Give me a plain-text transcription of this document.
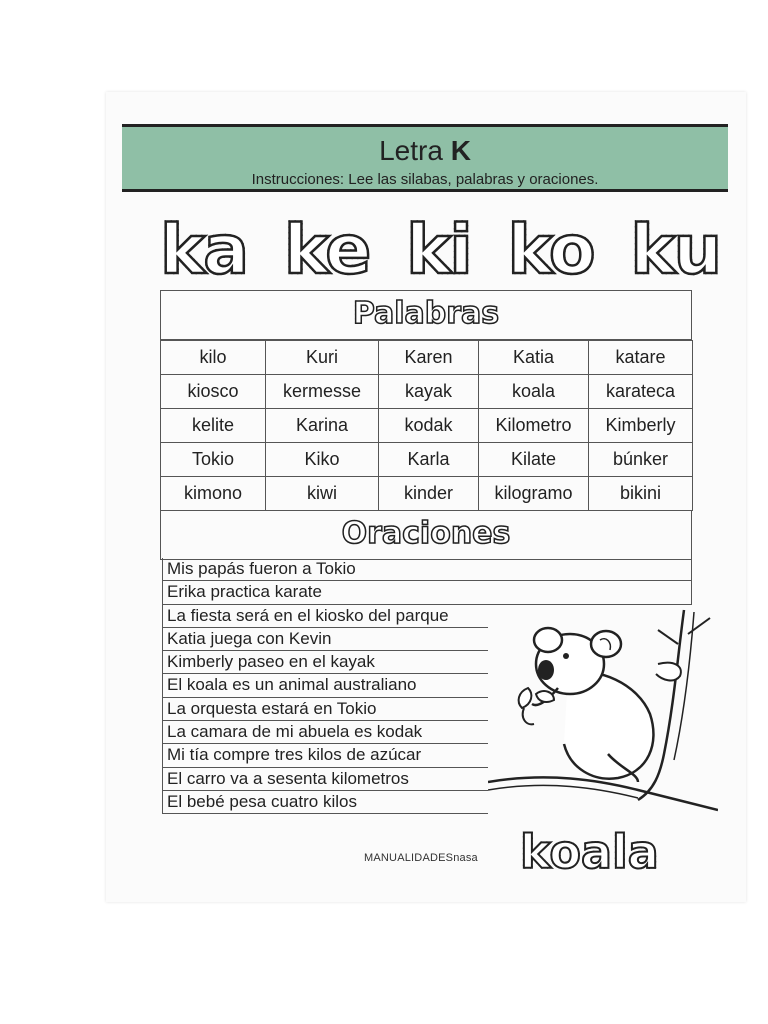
Letra K
Instrucciones: Lee las silabas, palabras y oraciones.
ka ke ki ko ku
Palabras
kilo	Kuri	Karen	Katia	katare
kiosco	kermesse	kayak	koala	karateca
kelite	Karina	kodak	Kilometro	Kimberly
Tokio	Kiko	Karla	Kilate	búnker
kimono	kiwi	kinder	kilogramo	bikini
Oraciones
Mis papás fueron a Tokio
Erika practica karate
La fiesta será en el kiosko del parque
Katia juega con Kevin
Kimberly paseo en el kayak
El koala es un animal australiano
La orquesta estará en Tokio
La camara de mi abuela es kodak
Mi tía compre tres kilos de azúcar
El carro va a sesenta kilometros
El bebé pesa cuatro kilos
MANUALIDADESnasa koala
